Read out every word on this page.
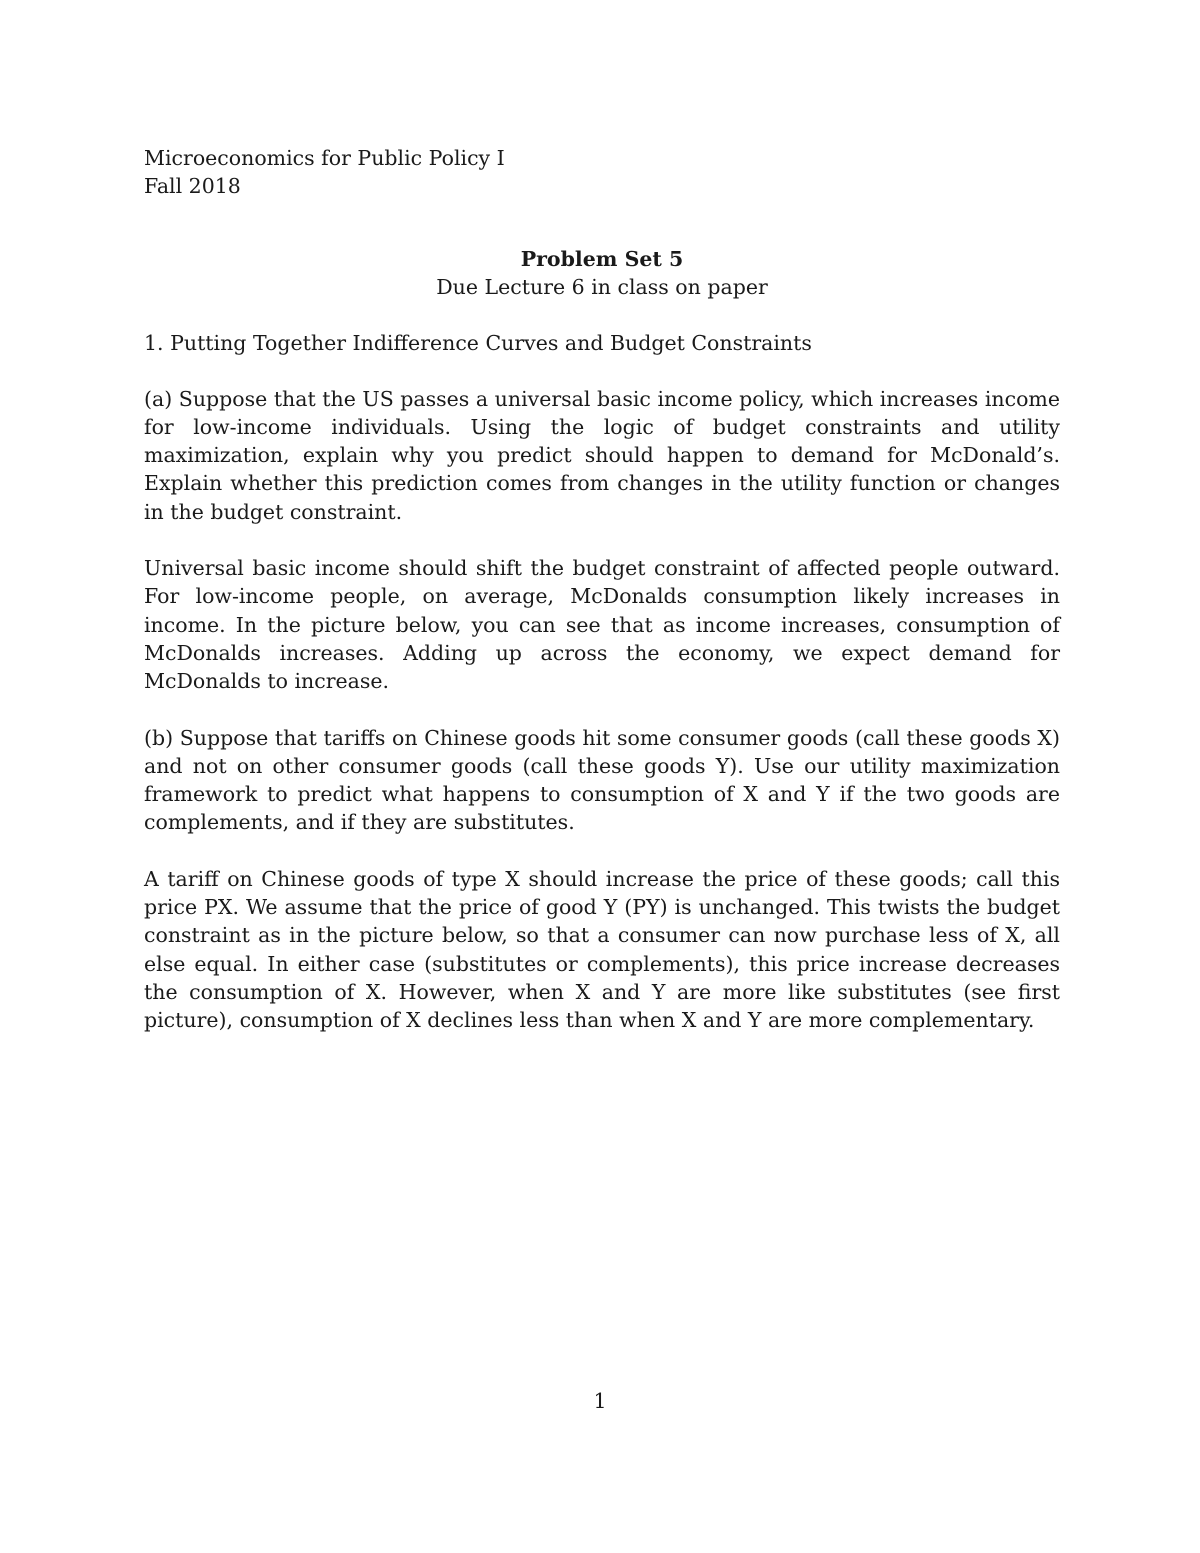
Microeconomics for Public Policy I

Fall 2018

Problem Set 5

Due Lecture 6 in class on paper

1. Putting Together Indifference Curves and Budget Constraints

(a) Suppose that the US passes a universal basic income policy, which increases income for low-income individuals. Using the logic of budget constraints and utility maximization, explain why you predict should happen to demand for McDonald’s. Explain whether this prediction comes from changes in the utility function or changes in the budget constraint.

Universal basic income should shift the budget constraint of affected people outward. For low-income people, on average, McDonalds consumption likely increases in income. In the picture below, you can see that as income increases, consumption of McDonalds increases. Adding up across the economy, we expect demand for McDonalds to increase.

(b) Suppose that tariffs on Chinese goods hit some consumer goods (call these goods X) and not on other consumer goods (call these goods Y). Use our utility maximization framework to predict what happens to consumption of X and Y if the two goods are complements, and if they are substitutes.

A tariff on Chinese goods of type X should increase the price of these goods; call this price PX. We assume that the price of good Y (PY) is unchanged. This twists the budget constraint as in the picture below, so that a consumer can now purchase less of X, all else equal. In either case (substitutes or complements), this price increase decreases the consumption of X. However, when X and Y are more like substitutes (see first picture), consumption of X declines less than when X and Y are more complementary.

1
